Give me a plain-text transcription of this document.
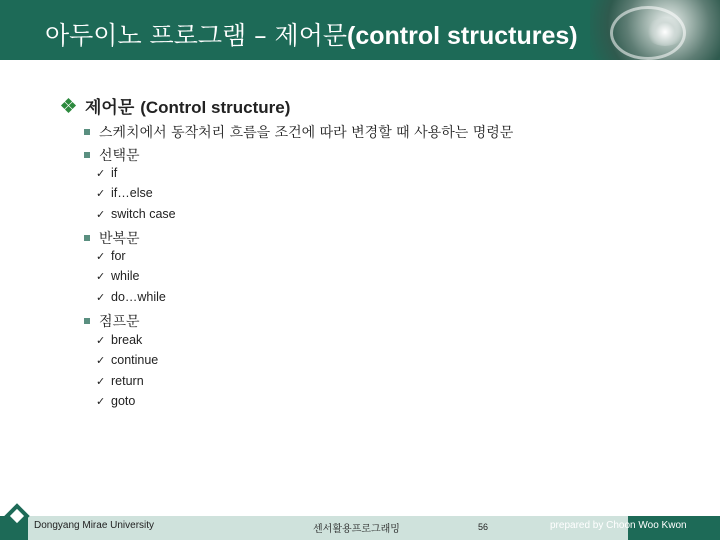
아두이노 프로그램 – 제어문(control structures)
제어문 (Control structure)
스케치에서 동작처리 흐름을 조건에 따라 변경할 때 사용하는 명령문
선택문
✓ if
✓ if…else
✓ switch case
반복문
✓ for
✓ while
✓ do…while
점프문
✓ break
✓ continue
✓ return
✓ goto
Dongyang Mirae University	센서활용프로그래밍	56	prepared by Choon Woo Kwon
